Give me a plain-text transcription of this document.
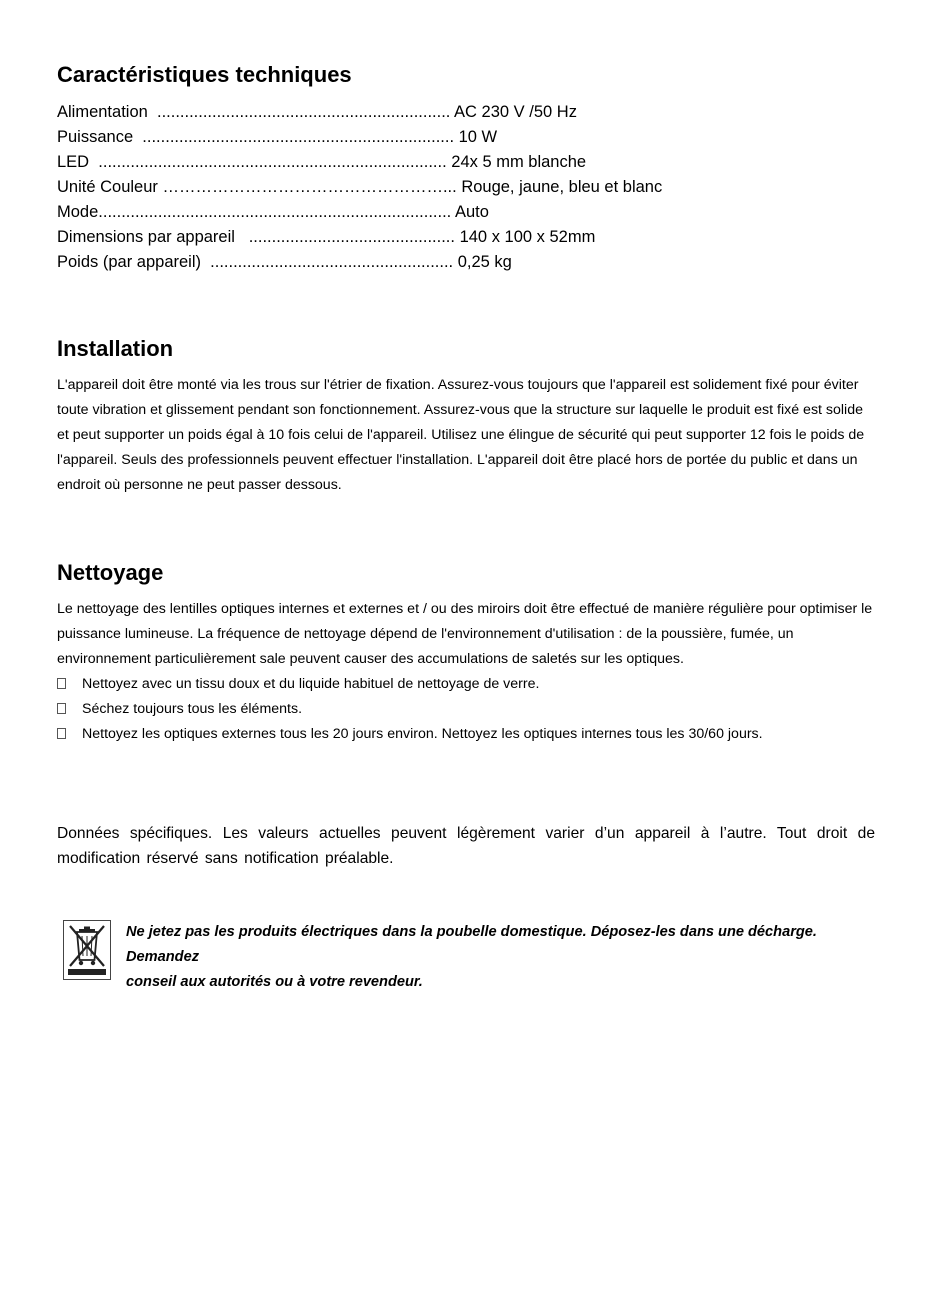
Caractéristiques techniques
Alimentation  ................................................................ AC 230 V /50 Hz
Puissance  .................................................................... 10 W
LED  ............................................................................ 24x 5 mm blanche
Unité Couleur ……………………………………………... Rouge, jaune, bleu et blanc
Mode............................................................................. Auto
Dimensions par appareil   ............................................. 140 x 100 x 52mm
Poids (par appareil)  ..................................................... 0,25 kg
Installation
L'appareil doit être monté via les trous sur l'étrier de fixation. Assurez-vous toujours que l'appareil est solidement fixé pour éviter
toute vibration et glissement pendant son fonctionnement. Assurez-vous que la structure sur laquelle le produit est fixé est solide
et peut supporter un poids égal à 10 fois celui de l'appareil. Utilisez une élingue de sécurité qui peut supporter 12 fois le poids de
l'appareil. Seuls des professionnels peuvent effectuer l'installation. L'appareil doit être placé hors de portée du public et dans un
endroit où personne ne peut passer dessous.
Nettoyage
Le nettoyage des lentilles optiques internes et externes et / ou des miroirs doit être effectué de manière régulière pour optimiser le
puissance lumineuse. La fréquence de nettoyage dépend de l'environnement d'utilisation : de la poussière, fumée, un
environnement particulièrement sale peuvent causer des accumulations de saletés sur les optiques.
Nettoyez avec un tissu doux et du liquide habituel de nettoyage de verre.
Séchez toujours tous les éléments.
Nettoyez les optiques externes tous les 20 jours environ. Nettoyez les optiques internes tous les 30/60 jours.
Données spécifiques. Les valeurs actuelles peuvent légèrement varier d’un appareil à l’autre. Tout droit de
modification réservé sans notification préalable.
Ne jetez pas les produits électriques dans la poubelle domestique. Déposez-les dans une décharge. Demandez
conseil aux autorités ou à votre revendeur.
